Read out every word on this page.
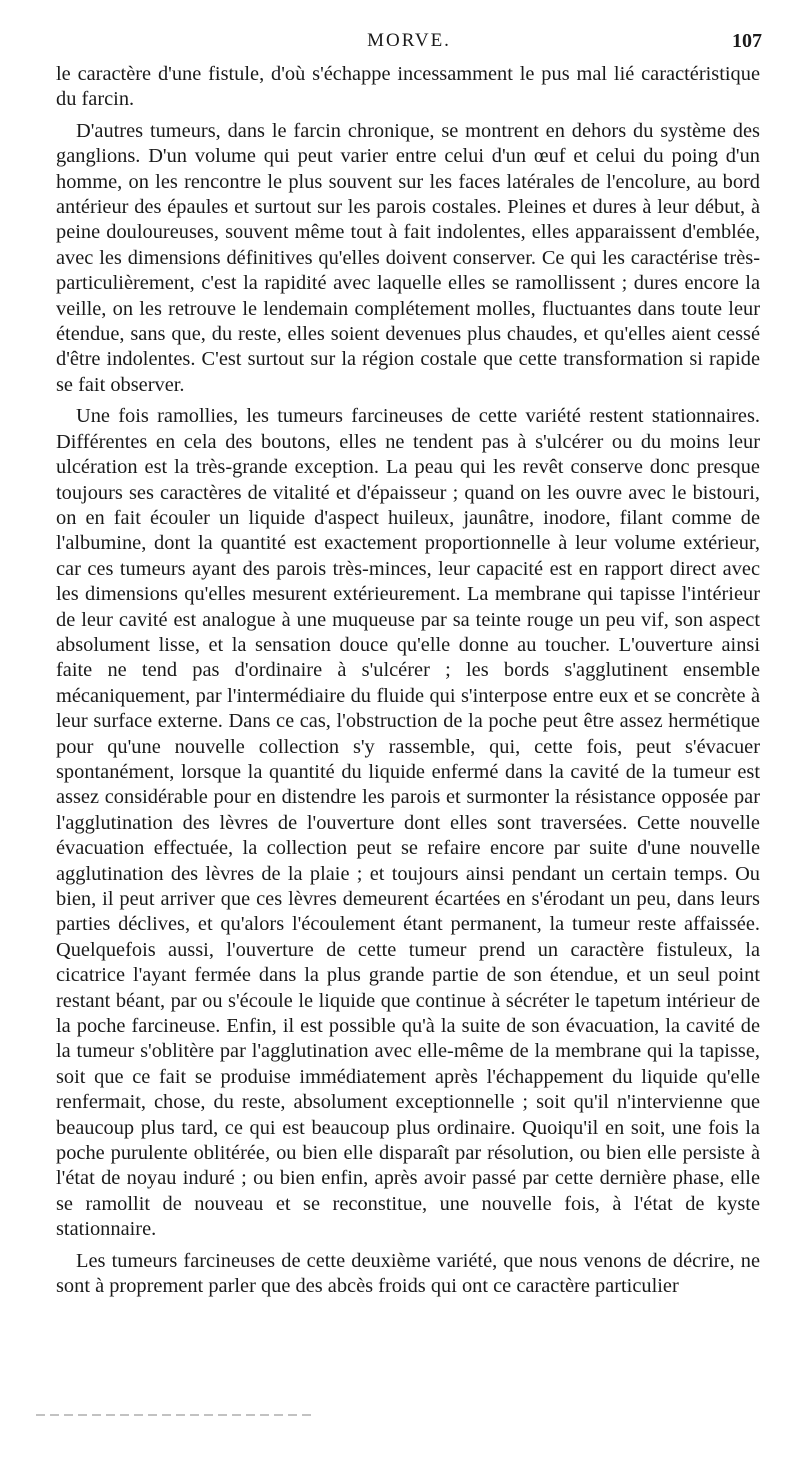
MORVE.	107

le caractère d'une fistule, d'où s'échappe incessamment le pus mal lié caractéristique du farcin.

D'autres tumeurs, dans le farcin chronique, se montrent en dehors du système des ganglions. D'un volume qui peut varier entre celui d'un œuf et celui du poing d'un homme, on les rencontre le plus souvent sur les faces latérales de l'encolure, au bord antérieur des épaules et surtout sur les parois costales. Pleines et dures à leur début, à peine douloureuses, souvent même tout à fait indolentes, elles apparaissent d'emblée, avec les dimensions définitives qu'elles doivent conserver. Ce qui les caractérise très-particulièrement, c'est la rapidité avec laquelle elles se ramollissent ; dures encore la veille, on les retrouve le lendemain complétement molles, fluctuantes dans toute leur étendue, sans que, du reste, elles soient devenues plus chaudes, et qu'elles aient cessé d'être indolentes. C'est surtout sur la région costale que cette transformation si rapide se fait observer.

Une fois ramollies, les tumeurs farcineuses de cette variété restent stationnaires. Différentes en cela des boutons, elles ne tendent pas à s'ulcérer ou du moins leur ulcération est la très-grande exception. La peau qui les revêt conserve donc presque toujours ses caractères de vitalité et d'épaisseur ; quand on les ouvre avec le bistouri, on en fait écouler un liquide d'aspect huileux, jaunâtre, inodore, filant comme de l'albumine, dont la quantité est exactement proportionnelle à leur volume extérieur, car ces tumeurs ayant des parois très-minces, leur capacité est en rapport direct avec les dimensions qu'elles mesurent extérieurement. La membrane qui tapisse l'intérieur de leur cavité est analogue à une muqueuse par sa teinte rouge un peu vif, son aspect absolument lisse, et la sensation douce qu'elle donne au toucher. L'ouverture ainsi faite ne tend pas d'ordinaire à s'ulcérer ; les bords s'agglutinent ensemble mécaniquement, par l'intermédiaire du fluide qui s'interpose entre eux et se concrète à leur surface externe. Dans ce cas, l'obstruction de la poche peut être assez hermétique pour qu'une nouvelle collection s'y rassemble, qui, cette fois, peut s'évacuer spontanément, lorsque la quantité du liquide enfermé dans la cavité de la tumeur est assez considérable pour en distendre les parois et surmonter la résistance opposée par l'agglutination des lèvres de l'ouverture dont elles sont traversées. Cette nouvelle évacuation effectuée, la collection peut se refaire encore par suite d'une nouvelle agglutination des lèvres de la plaie ; et toujours ainsi pendant un certain temps. Ou bien, il peut arriver que ces lèvres demeurent écartées en s'érodant un peu, dans leurs parties déclives, et qu'alors l'écoulement étant permanent, la tumeur reste affaissée. Quelquefois aussi, l'ouverture de cette tumeur prend un caractère fistuleux, la cicatrice l'ayant fermée dans la plus grande partie de son étendue, et un seul point restant béant, par ou s'écoule le liquide que continue à sécréter le tapetum intérieur de la poche farcineuse. Enfin, il est possible qu'à la suite de son évacuation, la cavité de la tumeur s'oblitère par l'agglutination avec elle-même de la membrane qui la tapisse, soit que ce fait se produise immédiatement après l'échappement du liquide qu'elle renfermait, chose, du reste, absolument exceptionnelle ; soit qu'il n'intervienne que beaucoup plus tard, ce qui est beaucoup plus ordinaire. Quoiqu'il en soit, une fois la poche purulente oblitérée, ou bien elle disparaît par résolution, ou bien elle persiste à l'état de noyau induré ; ou bien enfin, après avoir passé par cette dernière phase, elle se ramollit de nouveau et se reconstitue, une nouvelle fois, à l'état de kyste stationnaire.

Les tumeurs farcineuses de cette deuxième variété, que nous venons de décrire, ne sont à proprement parler que des abcès froids qui ont ce caractère particulier
